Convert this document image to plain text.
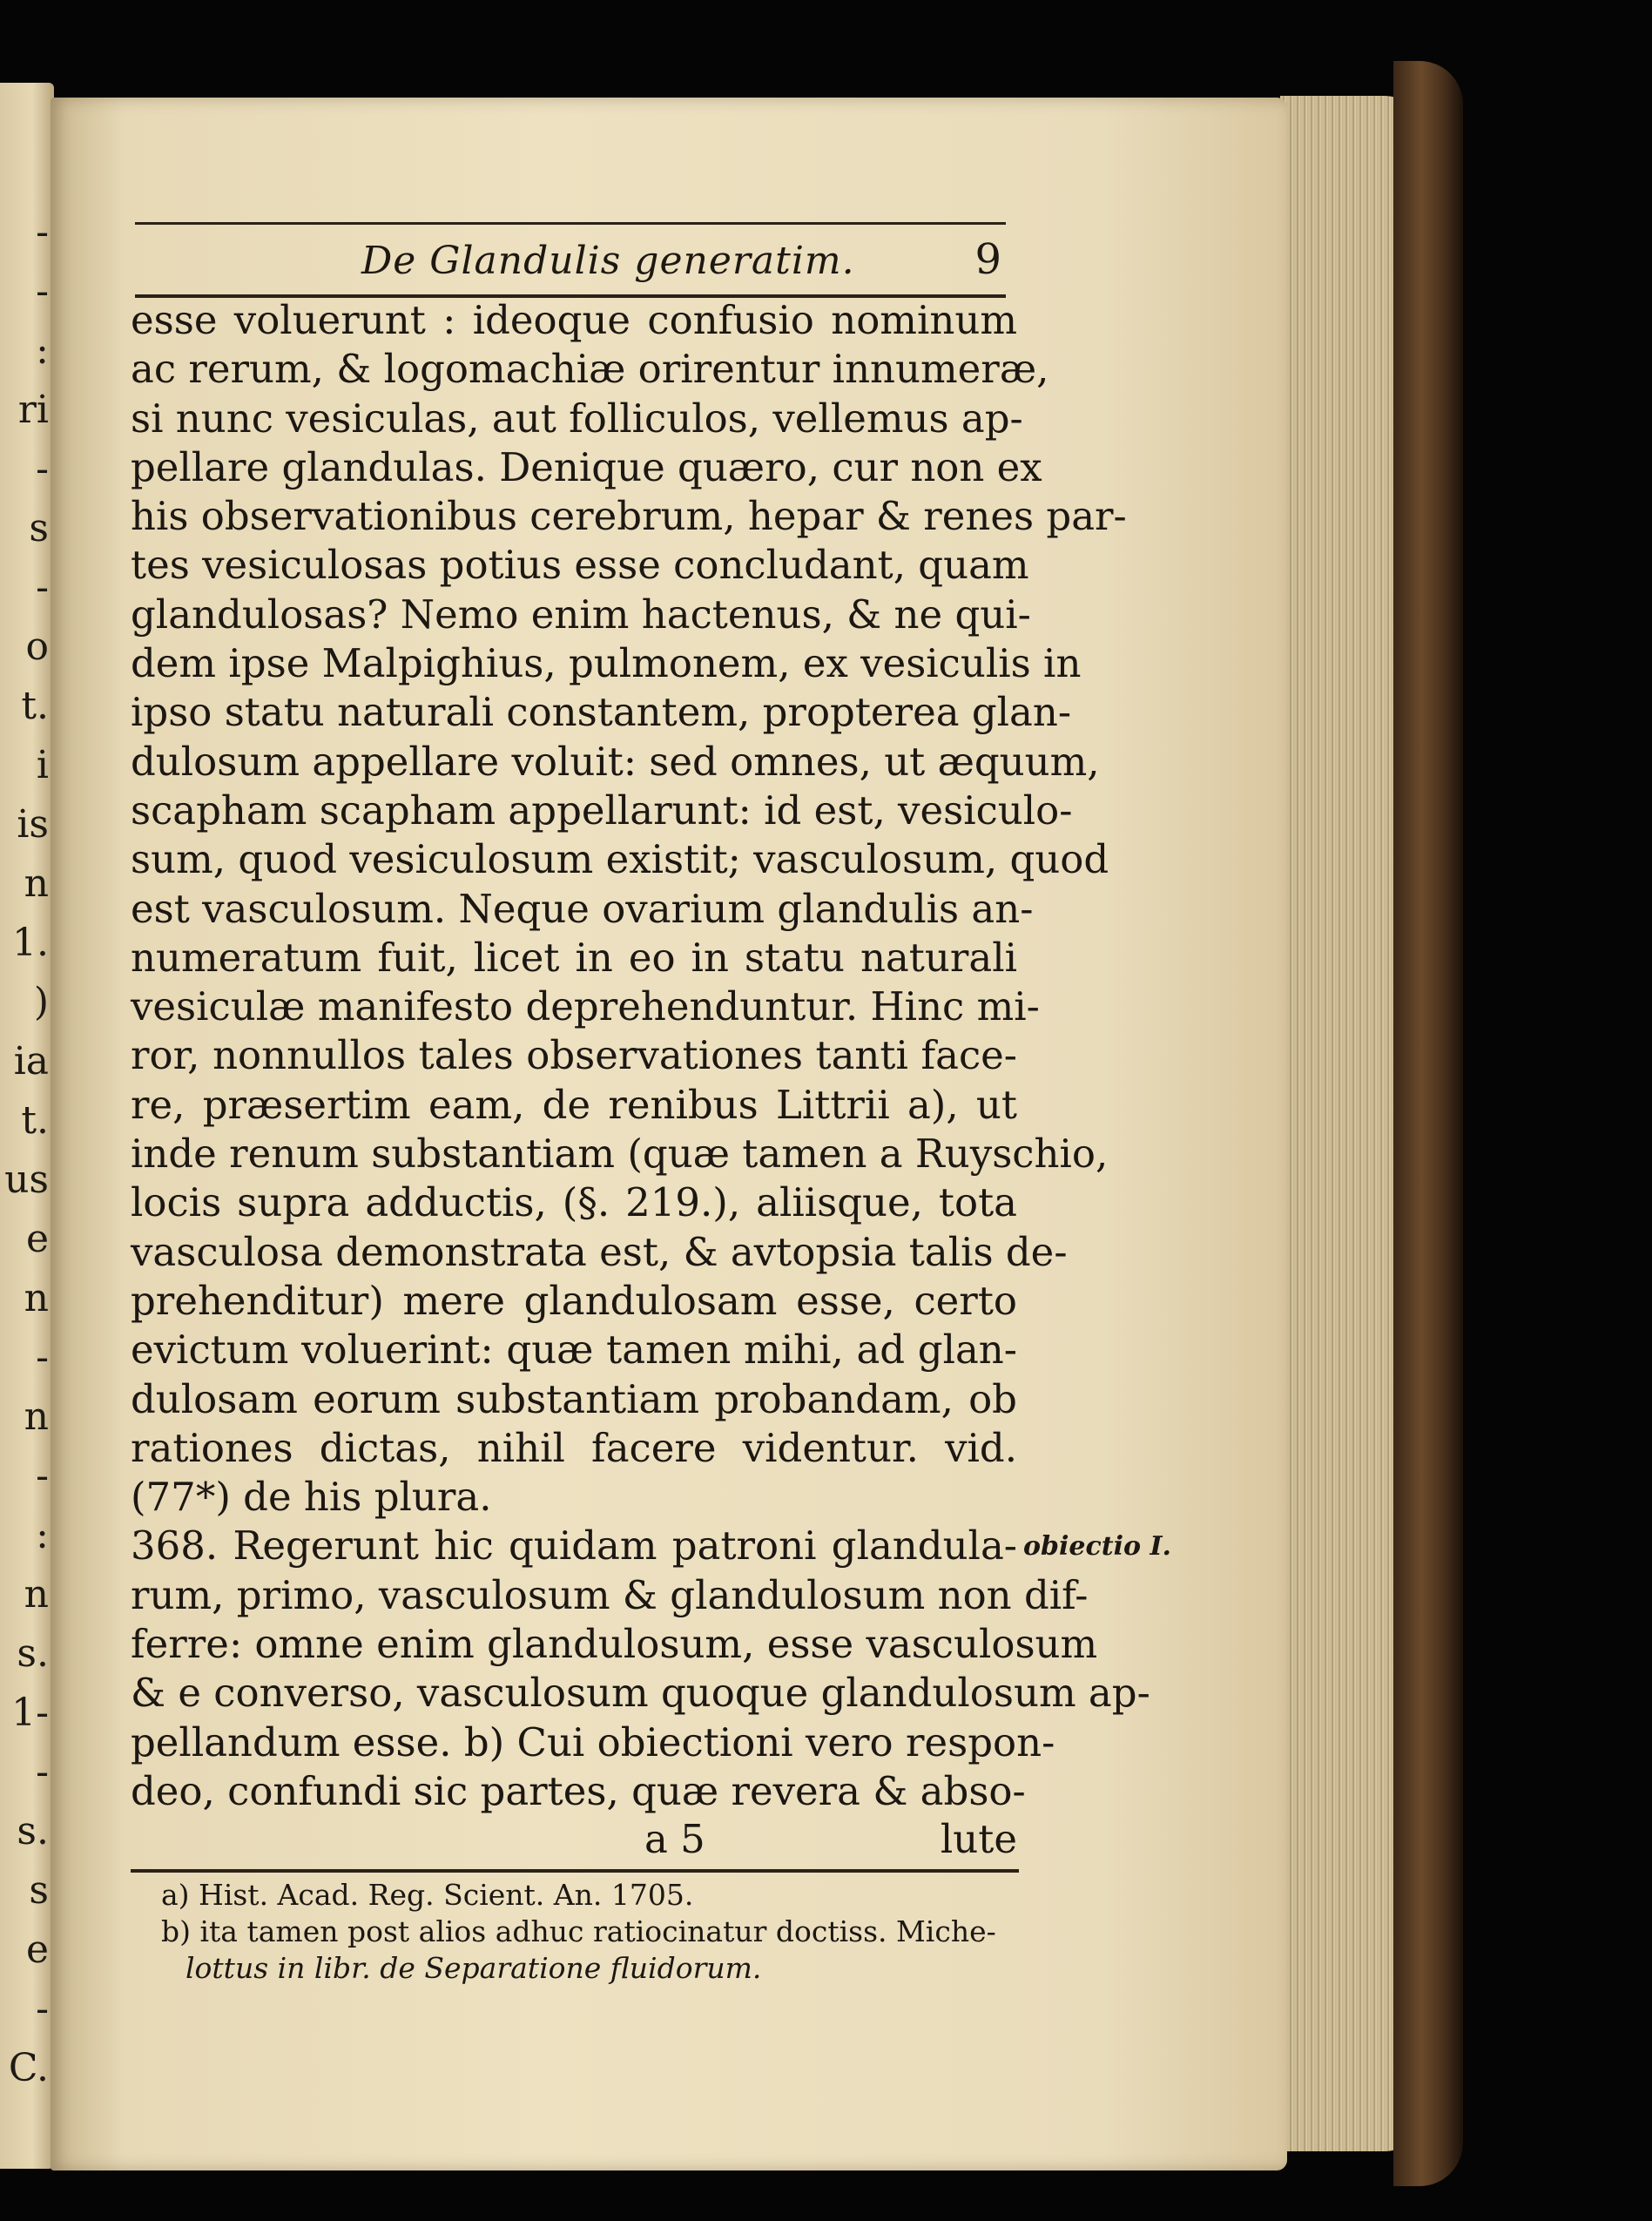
-
-
:
ri
-
s
-
o
t.
i
is
n
1.
)
ia
t.
us
e
n
-
n
-
:
n
s.
1-
-
s.
s
e
-
C.
De Glandulis generatim.	9
esse voluerunt : ideoque confusio nominum
ac rerum, & logomachiæ orirentur innumeræ,
si nunc vesiculas, aut folliculos, vellemus ap-
pellare glandulas. Denique quæro, cur non ex
his observationibus cerebrum, hepar & renes par-
tes vesiculosas potius esse concludant, quam
glandulosas? Nemo enim hactenus, & ne qui-
dem ipse Malpighius, pulmonem, ex vesiculis in
ipso statu naturali constantem, propterea glan-
dulosum appellare voluit: sed omnes, ut æquum,
scapham scapham appellarunt: id est, vesiculo-
sum, quod vesiculosum existit; vasculosum, quod
est vasculosum. Neque ovarium glandulis an-
numeratum fuit, licet in eo in statu naturali
vesiculæ manifesto deprehenduntur. Hinc mi-
ror, nonnullos tales observationes tanti face-
re, præsertim eam, de renibus Littrii a), ut
inde renum substantiam (quæ tamen a Ruyschio,
locis supra adductis, (§. 219.), aliisque, tota
vasculosa demonstrata est, & avtopsia talis de-
prehenditur) mere glandulosam esse, certo
evictum voluerint: quæ tamen mihi, ad glan-
dulosam eorum substantiam probandam, ob
rationes dictas, nihil facere videntur. vid.
(77*) de his plura.
368. Regerunt hic quidam patroni glandula-
rum, primo, vasculosum & glandulosum non dif-
ferre: omne enim glandulosum, esse vasculosum
& e converso, vasculosum quoque glandulosum ap-
pellandum esse. b) Cui obiectioni vero respon-
deo, confundi sic partes, quæ revera & abso-
obiectio I.
a 5	lute
a) Hist. Acad. Reg. Scient. An. 1705.
b) ita tamen post alios adhuc ratiocinatur doctiss. Miche-
lottus in libr. de Separatione fluidorum.
